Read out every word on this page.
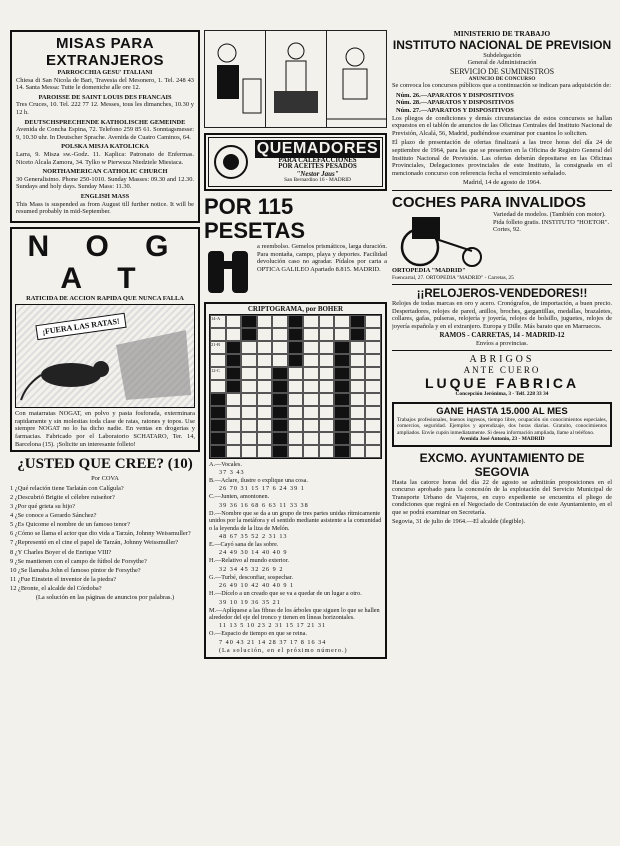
MISAS PARA EXTRANJEROS
PARROCCHIA GESU' ITALIANI
Chiesa di San Nicola de Bari, Travesia del Mesonero, 1. Tel. 248 43 14. Santa Messa: Tutte le domeniche alle ore 12.
PAROISSE DE SAINT LOUIS DES FRANCAIS
Tres Cruces, 10. Tel. 222 77 12. Messes, tous les dimanches, 10.30 y 12 h.
DEUTSCHSPRECHENDE KATHOLISCHE GEMEINDE
Avenida de Concha Espina, 72. Telefono 259 85 61. Sonntagsmesse: 9, 10.30 uhr. In Deutscher Sprache. Avenida de Cuatro Caminos, 64.
POLSKA MISJA KATOLICKA
Larra, 9. Misza sw.-Godz. 11. Kaplica: Patronato de Enfermas. Niceto Alcala Zamora, 34. Tylko w Pierwsza Niedziele Miesiaca.
NORTHAMERICAN CATHOLIC CHURCH
30 Generalisimo. Phone 250-1010. Sunday Masses: 09.30 and 12.30. Sundays and holy days. Sunday Mass: 11.30.
ENGLISH MASS
This Mass is suspended as from August till further notice. It will be resumed probably in mid-September.
N O G A T
RATICIDA DE ACCION RAPIDA QUE NUNCA FALLA
¡FUERA LAS RATAS!
Con matarratas NOGAT, en polvo y pasta fosforada, exterminara rapidamente y sin molestias toda clase de ratas, ratones y topos. Use siempre NOGAT no lo ha dicho nadie. En ventas en drogerias y farmacias. Fabricado por el Laboratorio SCHATARO, Ter. 14, Barcelona (15). ¡Solicite un interesante folleto!
¿USTED QUE CREE? (10)
Por COVA
1 ¿Qué relación tiene Tarlatán con Calígula?
2 ¿Descubrió Brigite el célebre ruiseñor?
3 ¿Por qué grieta su hijo?
4 ¿Se conoce a Gerardo Sánchez?
5 ¿Es Quicome el nombre de un famoso tenor?
6 ¿Cómo se llama el actor que dio vida a Tarzán, Johnny Weissmuller?
7 ¿Representó en el cine el papel de Tarzán, Johnny Weissmuller?
8 ¿Y Charles Boyer el de Enrique VIII?
9 ¿Se mantienen con el campo de fútbol de Forsythe?
10 ¿Se llamaba John el famoso pintor de Forsythe?
11 ¿Fue Einstein el inventor de la piedra?
12 ¿Bronte, el alcalde del Córdoba?
(La solución en las páginas de anuncios por palabras.)
QUEMADORES
PARA CALEFACCIONES
POR ACEITES PESADOS
"Nestor Jaus"
San Bernardino 16 - MADRID
POR 115 PESETAS
a reembolso. Gemelos prismáticos, larga duración. Para montaña, campo, playa y deportes. Facilidad devolución caso no agradar. Pídalos por carta a OPTICA GALILEO Apartado 8.815. MADRID.
CRIPTOGRAMA, por BOHER
14-A
21-B
12-C
A.—Vocales.
37 3 43
B.—Aclare, ilustre o explique una cosa.
26 70 31 15 17 6 24 39 1
C.—Junten, amontonen.
39 36 16 68 6 63 11 33 38
D.—Nombre que se da a un grupo de tres partes unidas rítmicamente unidos por la metáfora y el sentido mediante asistente a la comunidad o la leyenda de la liza de Melón.
48 67 35 52 2 31 13
E.—Cayó sana de las sobre.
24 49 30 14 40 40 9
H.—Relativo al mundo exterior.
32 34 45 32 26 9 2
G.—Turbé, desconfiar, sospechar.
26 49 10 42 40 40 9 1
H.—Dícelo a un creado que se va a quedar de un lugar a otro.
39 10 19 36 35 21
M.—Aplíquese a las fibras de los árboles que siguen lo que se hallen alrededor del eje del tronco y tienen en líneas horizontales.
11 13 5 10 23 2 31 15 17 21 31
O.—Espacio de tiempo en que se reina.
7 40 43 21 14 28 37 17 8 16 34
(La solución, en el próximo número.)
MINISTERIO DE TRABAJO
INSTITUTO NACIONAL DE PREVISION
Subdelegación
General de Administración
SERVICIO DE SUMINISTROS
ANUNCIO DE CONCURSO

Se convoca los concursos públicos que a continuación se indican para adquisición de:

Núm. 26.—APARATOS Y DISPOSITIVOS
Núm. 28.—APARATOS Y DISPOSITIVOS
Núm. 27.—APARATOS Y DISPOSITIVOS

Los pliegos de condiciones y demás circunstancias de estos concursos se hallan expuestos en el tablón de anuncios de las Oficinas Centrales del Instituto Nacional de Previsión, Alcalá, 56, Madrid, pudiéndose examinar por cuantos lo soliciten.

El plazo de presentación de ofertas finalizará a las trece horas del día 24 de septiembre de 1964, para las que se presenten en la Oficina de Registro General del Instituto Nacional de Previsión. Las ofertas deberán depositarse en las Oficinas Provinciales, Delegaciones provinciales de este Instituto, la consignada en el mencionado concurso con referencia fecha el vencimiento señalado.

Madrid, 14 de agosto de 1964.

COCHES PARA INVALIDOS
Variedad de modelos. (También con motor). Pida folleto gratis. INSTITUTO "HOETOR". Cortes, 92.
ORTOPEDIA "MADRID"
Fuencarral, 27. ORTOPEDIA "MADRID" - Carretas, 25
¡¡RELOJEROS-VENDEDORES!!

Relojes de todas marcas en oro y acero. Cronógrafos, de importación, a buen precio. Despertadores, relojes de pared, anillos, broches, gargantillas, medallas, brazaletes, collares, gafas, pulseras, relojería y joyería, relojes de bolsillo, juguetes, relojes de joyería española y en el extranjero. Europa y Dille. Más barato que en Marruecos.

RAMOS - CARRETAS, 14 - MADRID-12
Envíos a provincias.
ABRIGOS
ANTE CUERO
LUQUE FABRICA
Concepción Jerónima, 3 - Telf. 228 33 34
GANE HASTA 15.000 AL MES
Trabajos profesionales, buenos ingresos, tiempo libre, ocupación sin conocimientos especiales, comercios, seguridad. Ejemplos y aprendizaje, dos horas diarias. Gratuito, conocimientos ampliados. Envíe cupón inmediatamente. Si desea información ampliada, llame al teléfono.
Avenida José Antonio, 23 - MADRID
EXCMO. AYUNTAMIENTO DE SEGOVIA

Hasta las catorce horas del día 22 de agosto se admitirán proposiciones en el concurso aprobado para la concesión de la explotación del Servicio Municipal de Transporte Urbano de Viajeros, en cuyo expediente se encuentra el pliego de condiciones que regirá en el Negociado de Contratación de este Ayuntamiento, en el que se podrá examinar en Secretaría.

Segovia, 31 de julio de 1964.—El alcalde (ilegible).
